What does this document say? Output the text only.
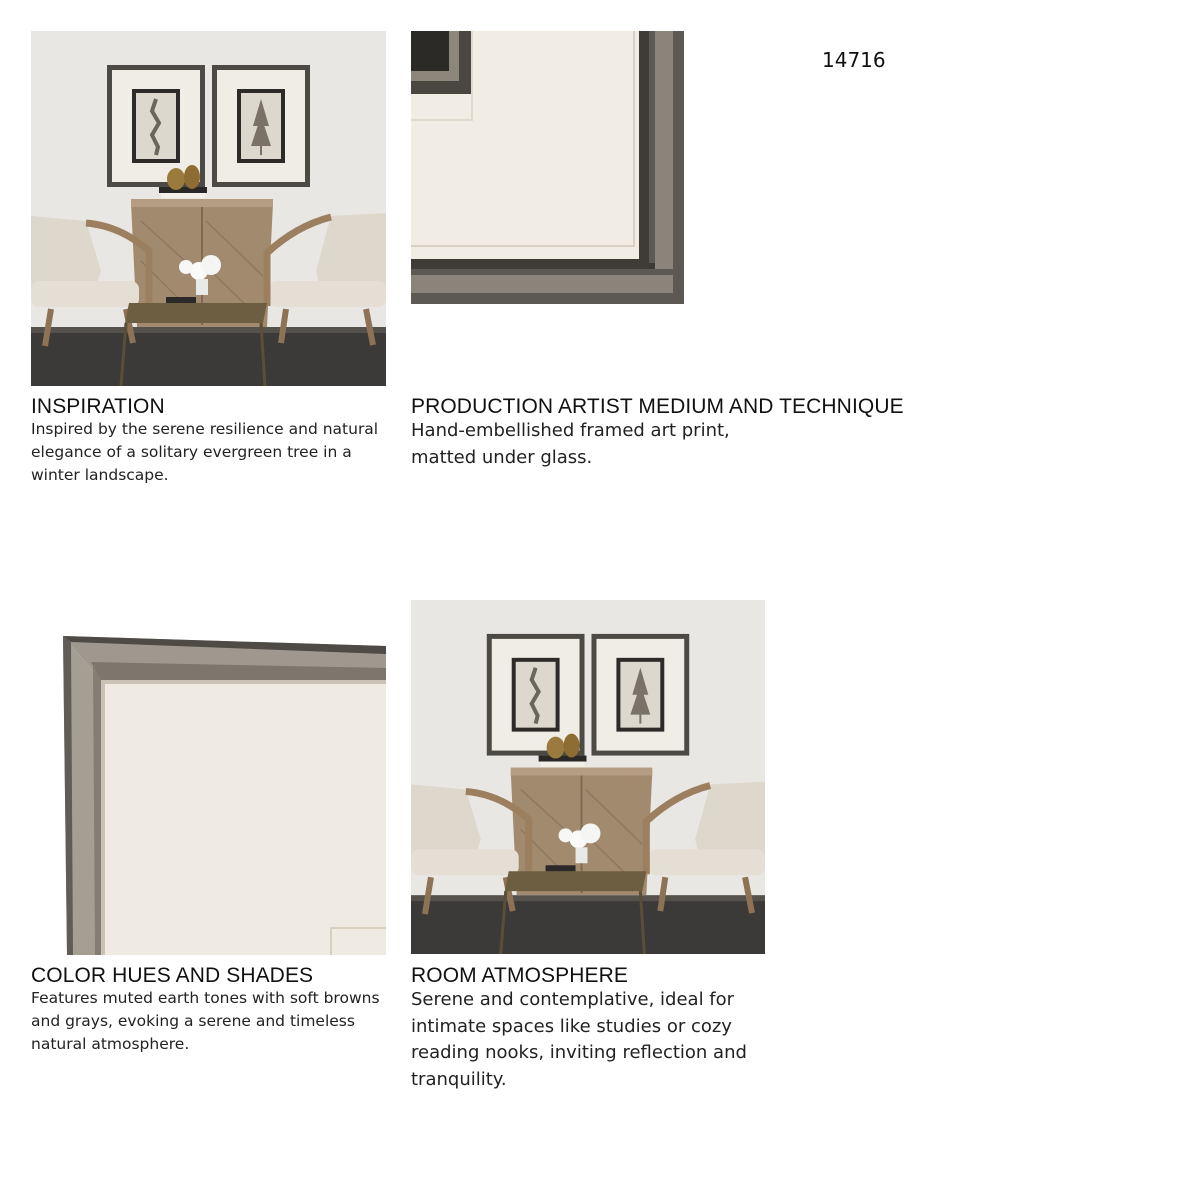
14716
INSPIRATION
Inspired by the serene resilience and natural
elegance of a solitary evergreen tree in a
winter landscape.
PRODUCTION ARTIST MEDIUM AND TECHNIQUE
Hand-embellished framed art print,
matted under glass.
COLOR HUES AND SHADES
Features muted earth tones with soft browns
and grays, evoking a serene and timeless
natural atmosphere.
ROOM ATMOSPHERE
Serene and contemplative, ideal for
intimate spaces like studies or cozy
reading nooks, inviting reflection and
tranquility.
